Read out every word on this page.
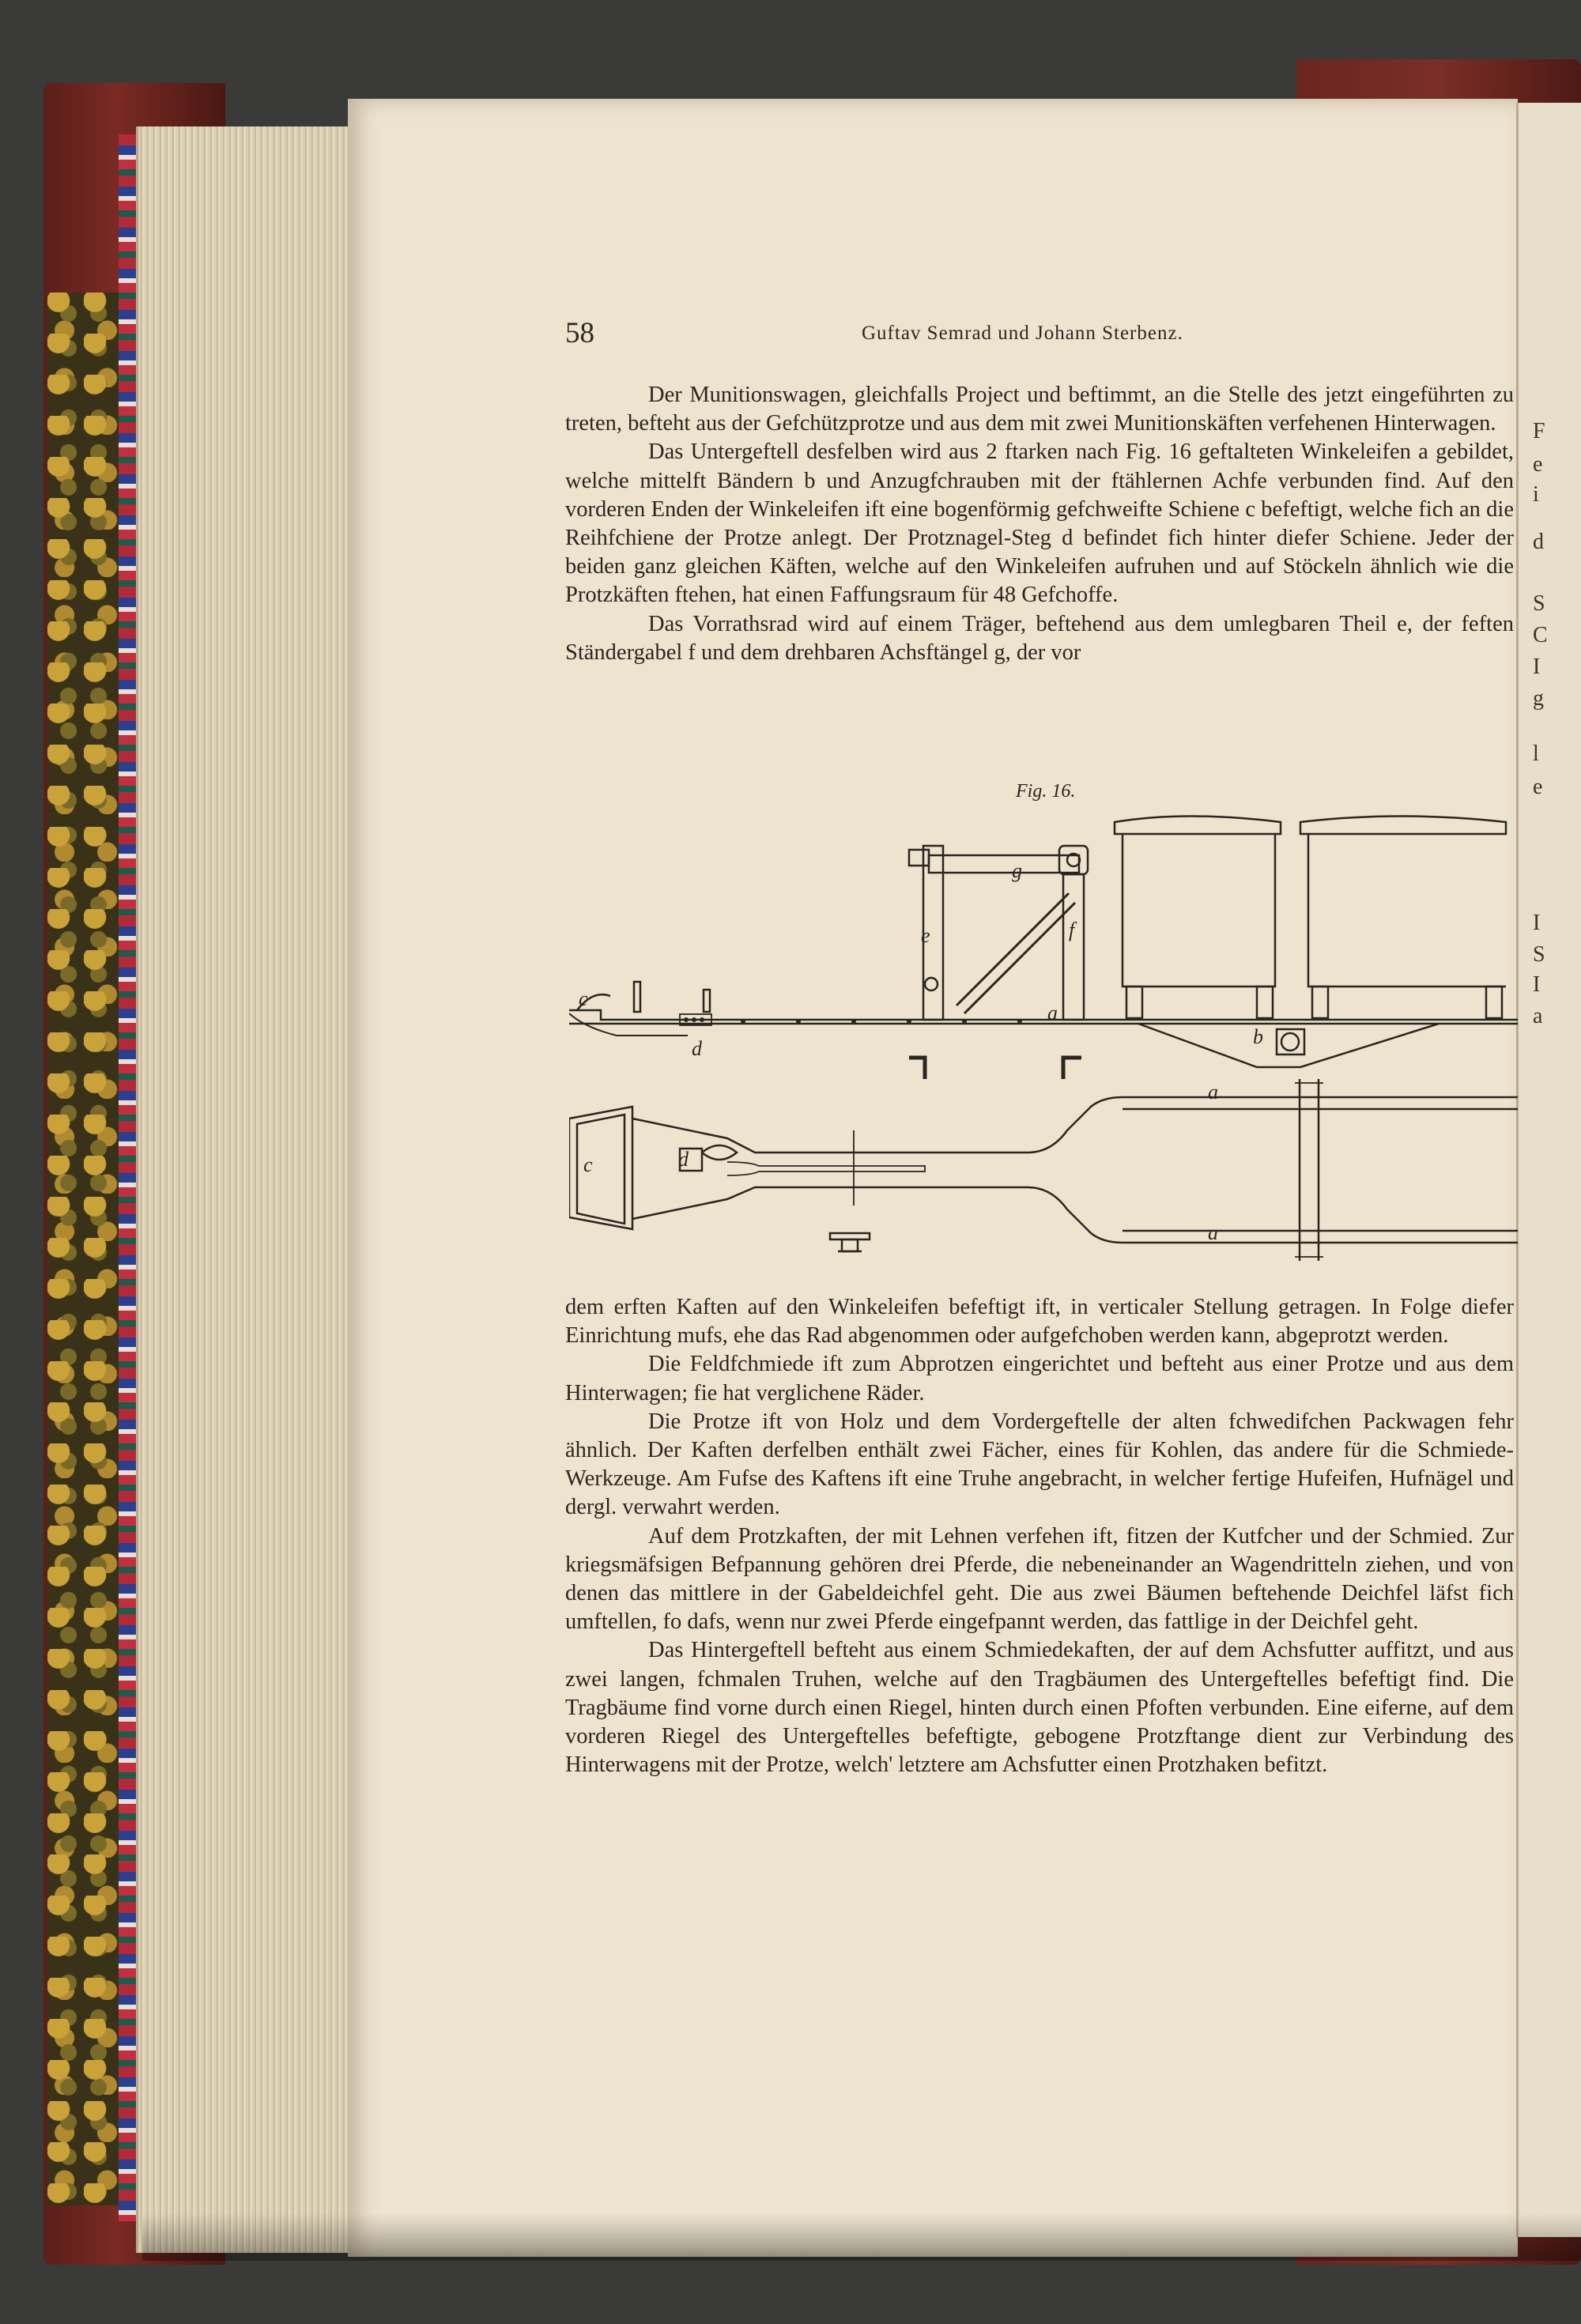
F
e
i
d
S
C
I
g
l
e
I
S
I
a
58	Guftav Semrad und Johann Sterbenz.

Der Munitionswagen, gleichfalls Project und beftimmt, an die Stelle des jetzt eingeführten zu treten, befteht aus der Gefchützprotze und aus dem mit zwei Munitionskäften verfehenen Hinterwagen.

Das Untergeftell desfelben wird aus 2 ftarken nach Fig. 16 geftalteten Winkeleifen a gebildet, welche mittelft Bändern b und Anzugfchrauben mit der ftählernen Achfe verbunden find. Auf den vorderen Enden der Winkeleifen ift eine bogenförmig gefchweifte Schiene c befeftigt, welche fich an die Reihfchiene der Protze anlegt. Der Protznagel-Steg d befindet fich hinter diefer Schiene. Jeder der beiden ganz gleichen Käften, welche auf den Winkeleifen aufruhen und auf Stöckeln ähnlich wie die Protzkäften ftehen, hat einen Faffungsraum für 48 Gefchoffe.

Das Vorrathsrad wird auf einem Träger, beftehend aus dem umlegbaren Theil e, der feften Ständergabel f und dem drehbaren Achsftängel g, der vor

Fig. 16.
g
e	f
c
d
a
b
a
c	d
a

dem erften Kaften auf den Winkeleifen befeftigt ift, in verticaler Stellung getragen. In Folge diefer Einrichtung mufs, ehe das Rad abgenommen oder aufgefchoben werden kann, abgeprotzt werden.

Die Feldfchmiede ift zum Abprotzen eingerichtet und befteht aus einer Protze und aus dem Hinterwagen; fie hat verglichene Räder.

Die Protze ift von Holz und dem Vordergeftelle der alten fchwedifchen Packwagen fehr ähnlich. Der Kaften derfelben enthält zwei Fächer, eines für Kohlen, das andere für die Schmiede-Werkzeuge. Am Fufse des Kaftens ift eine Truhe angebracht, in welcher fertige Hufeifen, Hufnägel und dergl. verwahrt werden.

Auf dem Protzkaften, der mit Lehnen verfehen ift, fitzen der Kutfcher und der Schmied. Zur kriegsmäfsigen Befpannung gehören drei Pferde, die nebeneinander an Wagendritteln ziehen, und von denen das mittlere in der Gabeldeichfel geht. Die aus zwei Bäumen beftehende Deichfel läfst fich umftellen, fo dafs, wenn nur zwei Pferde eingefpannt werden, das fattlige in der Deichfel geht.

Das Hintergeftell befteht aus einem Schmiedekaften, der auf dem Achsfutter auffitzt, und aus zwei langen, fchmalen Truhen, welche auf den Tragbäumen des Untergeftelles befeftigt find. Die Tragbäume find vorne durch einen Riegel, hinten durch einen Pfoften verbunden. Eine eiferne, auf dem vorderen Riegel des Untergeftelles befeftigte, gebogene Protzftange dient zur Verbindung des Hinterwagens mit der Protze, welch' letztere am Achsfutter einen Protzhaken befitzt.
